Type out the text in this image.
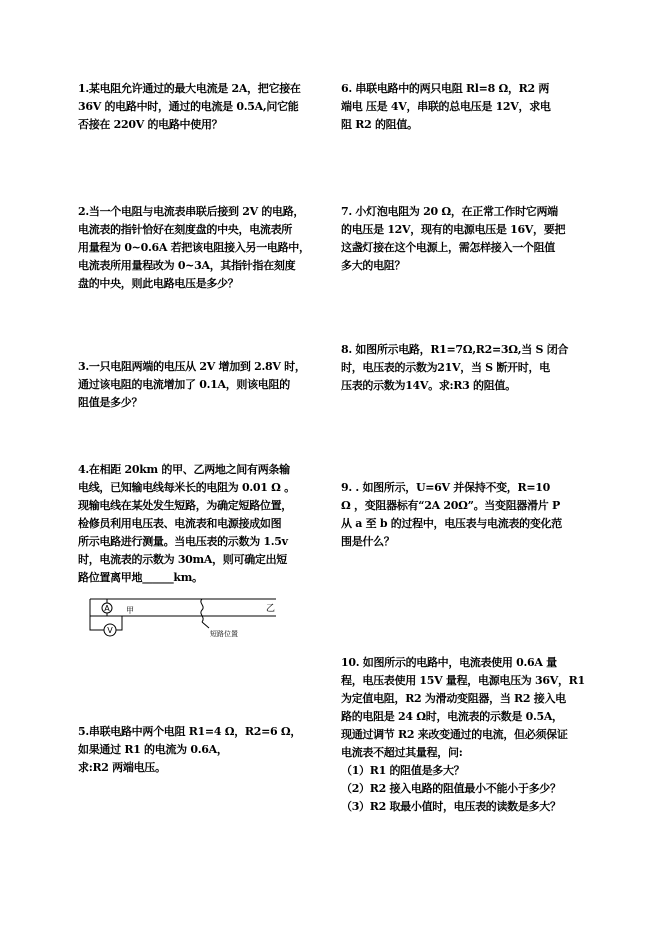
1.某电阻允许通过的最大电流是 2A，把它接在

36V 的电路中时，通过的电流是 0.5A,问它能

否接在 220V 的电路中使用？

2.当一个电阻与电流表串联后接到 2V 的电路，

电流表的指针恰好在刻度盘的中央，电流表所

用量程为 0~0.6A 若把该电阻接入另一电路中，

电流表所用量程改为 0~3A，其指针指在刻度

盘的中央，则此电路电压是多少？

3.一只电阻两端的电压从 2V 增加到 2.8V 时，

通过该电阻的电流增加了 0.1A，则该电阻的

阻值是多少？

4.在相距 20km 的甲、乙两地之间有两条输

电线，已知输电线每米长的电阻为 0.01 Ω 。

现输电线在某处发生短路，为确定短路位置，

检修员利用电压表、电流表和电源接成如图

所示电路进行测量。当电压表的示数为 1.5v

时，电流表的示数为 30mA，则可确定出短

路位置离甲地______km。

A
V
甲	乙
短路位置

5.串联电路中两个电阻 R1=4 Ω，R2=6 Ω，

如果通过 R1 的电流为 0.6A，

求:R2 两端电压。

6. 串联电路中的两只电阻 Rl=8 Ω，R2 两

端电 压是 4V，串联的总电压是 12V，求电

阻 R2 的阻值。

7. 小灯泡电阻为 20 Ω，在正常工作时它两端

的电压是 12V，现有的电源电压是 16V，要把

这盏灯接在这个电源上，需怎样接入一个阻值

多大的电阻？

8. 如图所示电路，R1=7Ω,R2=3Ω,当 S 闭合

时，电压表的示数为21V，当 S 断开时，电

压表的示数为14V。求:R3 的阻值。

9. . 如图所示，U=6V 并保持不变，R=10

Ω ，变阻器标有“2A 20Ω”。当变阻器滑片 P

从 a 至 b 的过程中，电压表与电流表的变化范

围是什么？

10. 如图所示的电路中，电流表使用 0.6A 量

程，电压表使用 15V 量程，电源电压为 36V，R1

为定值电阻，R2 为滑动变阻器，当 R2 接入电

路的电阻是 24 Ω时，电流表的示数是 0.5A，

现通过调节 R2 来改变通过的电流，但必须保证

电流表不超过其量程，问:

（1）R1 的阻值是多大？

（2）R2 接入电路的阻值最小不能小于多少？

（3）R2 取最小值时，电压表的读数是多大？
